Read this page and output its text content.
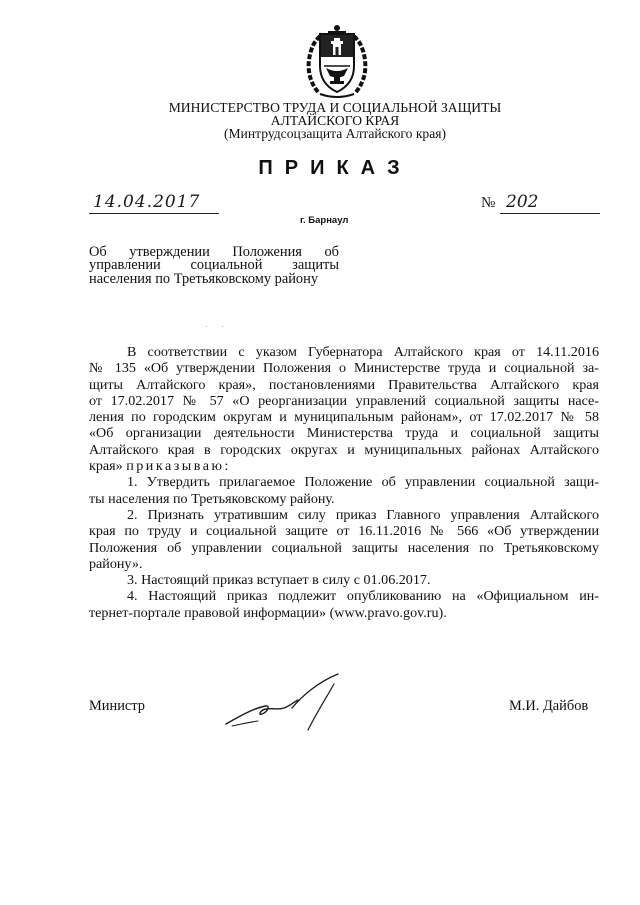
МИНИСТЕРСТВО ТРУДА И СОЦИАЛЬНОЙ ЗАЩИТЫ
АЛТАЙСКОГО КРАЯ
(Минтрудсоцзащита Алтайского края)
ПРИКАЗ
14.04.2017	№ 202
г. Барнаул
Об утверждении Положения об
управлении социальной защиты
населения по Третьяковскому району
· ·
В соответствии с указом Губернатора Алтайского края от 14.11.2016
№ 135 «Об утверждении Положения о Министерстве труда и социальной за-
щиты Алтайского края», постановлениями Правительства Алтайского края
от 17.02.2017 № 57 «О реорганизации управлений социальной защиты насе-
ления по городским округам и муниципальным районам», от 17.02.2017 № 58
«Об организации деятельности Министерства труда и социальной защиты
Алтайского края в городских округах и муниципальных районах Алтайского
края» приказываю:
1. Утвердить прилагаемое Положение об управлении социальной защи-
ты населения по Третьяковскому району.
2. Признать утратившим силу приказ Главного управления Алтайского
края по труду и социальной защите от 16.11.2016 № 566 «Об утверждении
Положения об управлении социальной защиты населения по Третьяковскому
району».
3. Настоящий приказ вступает в силу с 01.06.2017.
4. Настоящий приказ подлежит опубликованию на «Официальном ин-
тернет-портале правовой информации» (www.pravo.gov.ru).
Министр	М.И. Дайбов
